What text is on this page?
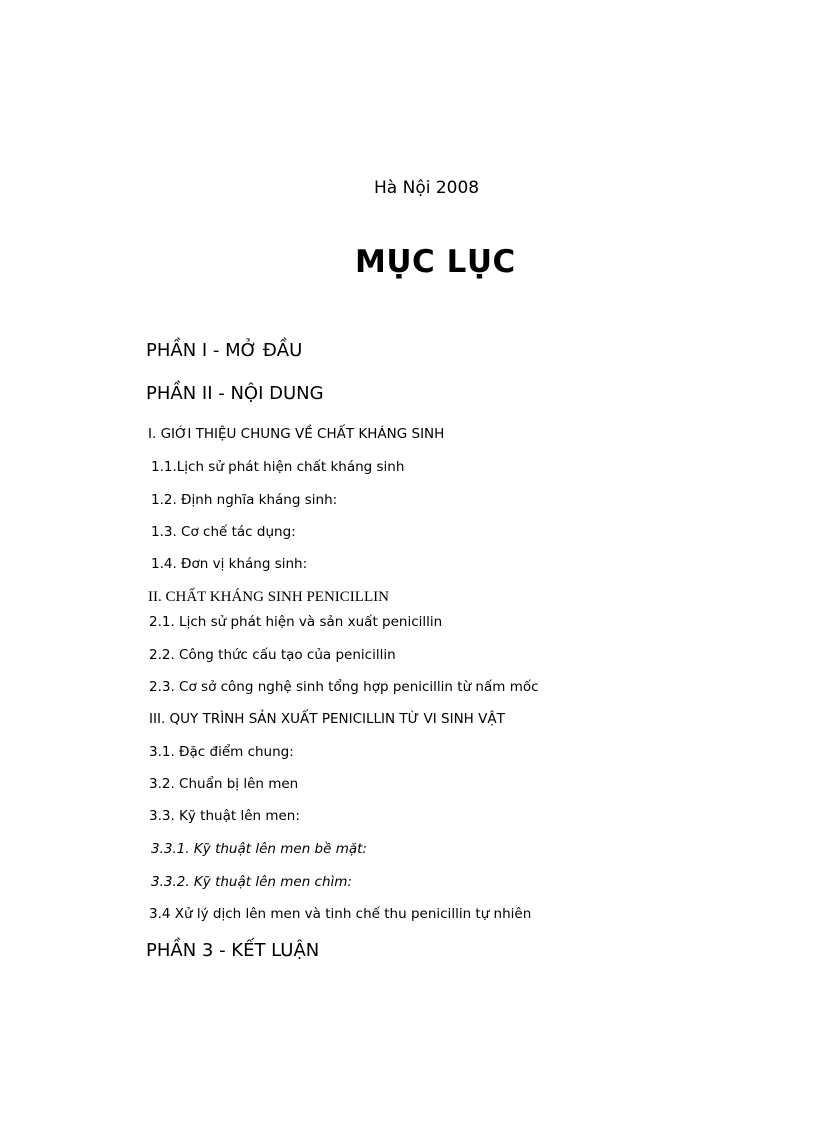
Hà Nội 2008
MỤC LỤC
PHẦN I - MỞ ĐẦU
PHẦN II - NỘI DUNG
I. GIỚI THIỆU CHUNG VỀ CHẤT KHÁNG SINH
1.1.Lịch sử phát hiện chất kháng sinh
1.2. Định nghĩa kháng sinh:
1.3. Cơ chế tác dụng:
1.4. Đơn vị kháng sinh:
II. CHẤT KHÁNG SINH PENICILLIN
2.1. Lịch sử phát hiện và sản xuất penicillin
2.2. Công thức cấu tạo của penicillin
2.3. Cơ sở công nghệ sinh tổng hợp penicillin từ nấm mốc
III. QUY TRÌNH SẢN XUẤT PENICILLIN TỪ VI SINH VẬT
3.1. Đặc điểm chung:
3.2. Chuẩn bị lên men
3.3. Kỹ thuật lên men:
3.3.1. Kỹ thuật lên men bề mặt:
3.3.2. Kỹ thuật lên men chìm:
3.4 Xử lý dịch lên men và tinh chế thu penicillin tự nhiên
PHẦN 3 - KẾT LUẬN
